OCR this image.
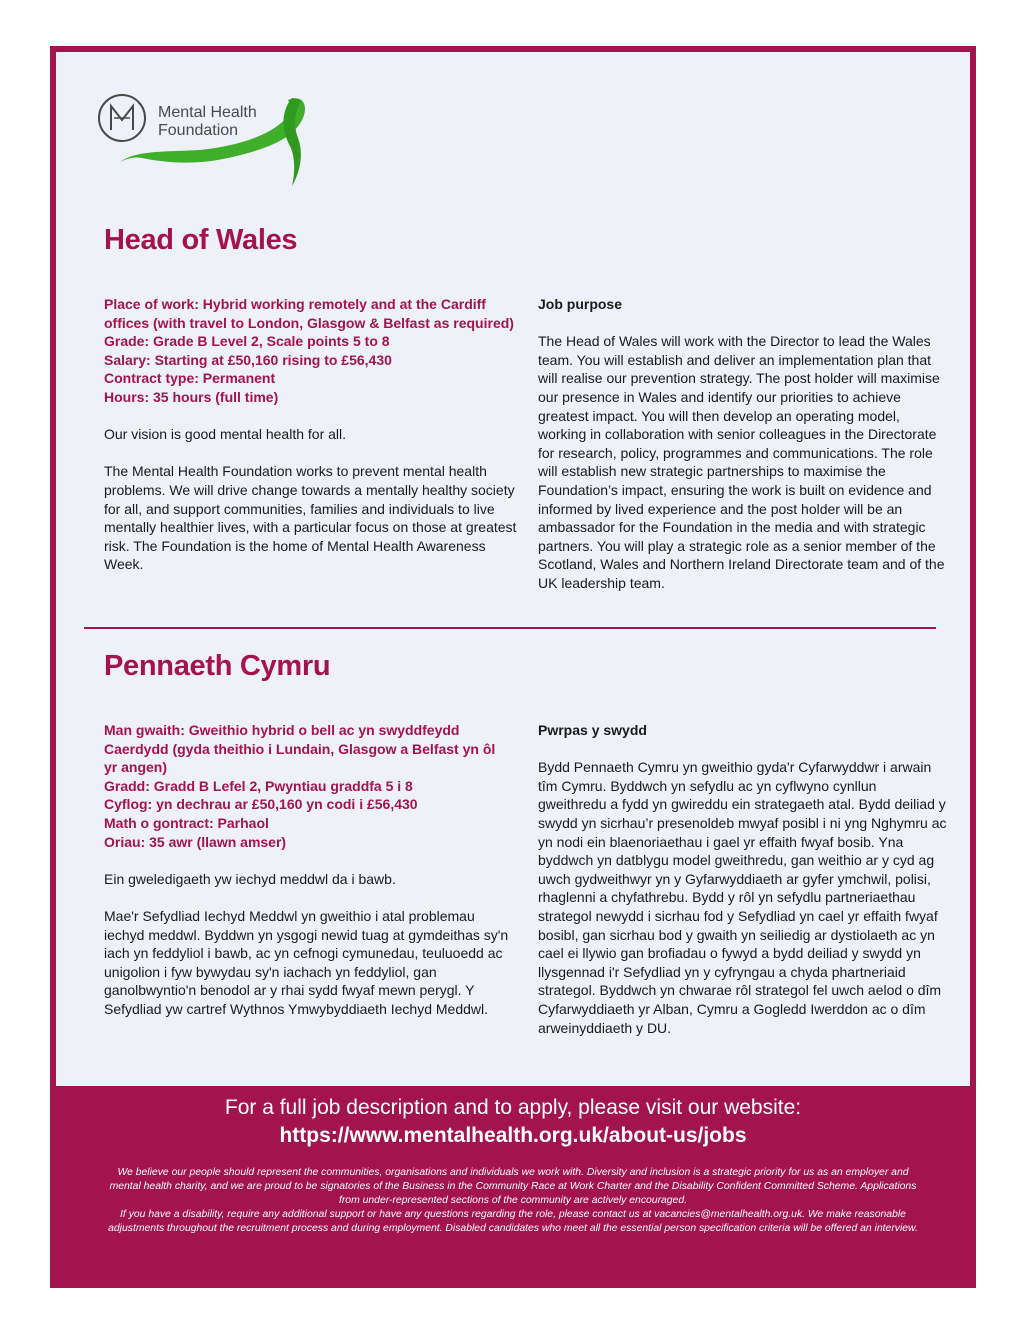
Mental Health
Foundation
Head of Wales
Place of work: Hybrid working remotely and at the Cardiff offices (with travel to London, Glasgow & Belfast as required)
Grade: Grade B Level 2, Scale points 5 to 8
Salary: Starting at £50,160 rising to £56,430
Contract type: Permanent
Hours: 35 hours (full time)

Our vision is good mental health for all.

The Mental Health Foundation works to prevent mental health problems. We will drive change towards a mentally healthy society for all, and support communities, families and individuals to live mentally healthier lives, with a particular focus on those at greatest risk. The Foundation is the home of Mental Health Awareness Week.

Job purpose

The Head of Wales will work with the Director to lead the Wales team. You will establish and deliver an implementation plan that will realise our prevention strategy. The post holder will maximise our presence in Wales and identify our priorities to achieve greatest impact. You will then develop an operating model, working in collaboration with senior colleagues in the Directorate for research, policy, programmes and communications. The role will establish new strategic partnerships to maximise the Foundation’s impact, ensuring the work is built on evidence and informed by lived experience and the post holder will be an ambassador for the Foundation in the media and with strategic partners. You will play a strategic role as a senior member of the Scotland, Wales and Northern Ireland Directorate team and of the UK leadership team.

Pennaeth Cymru
Man gwaith: Gweithio hybrid o bell ac yn swyddfeydd Caerdydd (gyda theithio i Lundain, Glasgow a Belfast yn ôl yr angen)
Gradd: Gradd B Lefel 2, Pwyntiau graddfa 5 i 8
Cyflog: yn dechrau ar £50,160 yn codi i £56,430
Math o gontract: Parhaol
Oriau: 35 awr (llawn amser)

Ein gweledigaeth yw iechyd meddwl da i bawb.

Mae'r Sefydliad Iechyd Meddwl yn gweithio i atal problemau iechyd meddwl. Byddwn yn ysgogi newid tuag at gymdeithas sy'n iach yn feddyliol i bawb, ac yn cefnogi cymunedau, teuluoedd ac unigolion i fyw bywydau sy'n iachach yn feddyliol, gan ganolbwyntio'n benodol ar y rhai sydd fwyaf mewn perygl. Y Sefydliad yw cartref Wythnos Ymwybyddiaeth Iechyd Meddwl.

Pwrpas y swydd

Bydd Pennaeth Cymru yn gweithio gyda'r Cyfarwyddwr i arwain tîm Cymru. Byddwch yn sefydlu ac yn cyflwyno cynllun gweithredu a fydd yn gwireddu ein strategaeth atal. Bydd deiliad y swydd yn sicrhau’r presenoldeb mwyaf posibl i ni yng Nghymru ac yn nodi ein blaenoriaethau i gael yr effaith fwyaf bosib. Yna byddwch yn datblygu model gweithredu, gan weithio ar y cyd ag uwch gydweithwyr yn y Gyfarwyddiaeth ar gyfer ymchwil, polisi, rhaglenni a chyfathrebu. Bydd y rôl yn sefydlu partneriaethau strategol newydd i sicrhau fod y Sefydliad yn cael yr effaith fwyaf bosibl, gan sicrhau bod y gwaith yn seiliedig ar dystiolaeth ac yn cael ei llywio gan brofiadau o fywyd a bydd deiliad y swydd yn llysgennad i'r Sefydliad yn y cyfryngau a chyda phartneriaid strategol. Byddwch yn chwarae rôl strategol fel uwch aelod o dîm Cyfarwyddiaeth yr Alban, Cymru a Gogledd Iwerddon ac o dîm arweinyddiaeth y DU.

For a full job description and to apply, please visit our website:
https://www.mentalhealth.org.uk/about-us/jobs
We believe our people should represent the communities, organisations and individuals we work with. Diversity and inclusion is a strategic priority for us as an employer and mental health charity, and we are proud to be signatories of the Business in the Community Race at Work Charter and the Disability Confident Committed Scheme. Applications from under-represented sections of the community are actively encouraged.
If you have a disability, require any additional support or have any questions regarding the role, please contact us at vacancies@mentalhealth.org.uk. We make reasonable adjustments throughout the recruitment process and during employment. Disabled candidates who meet all the essential person specification criteria will be offered an interview.
